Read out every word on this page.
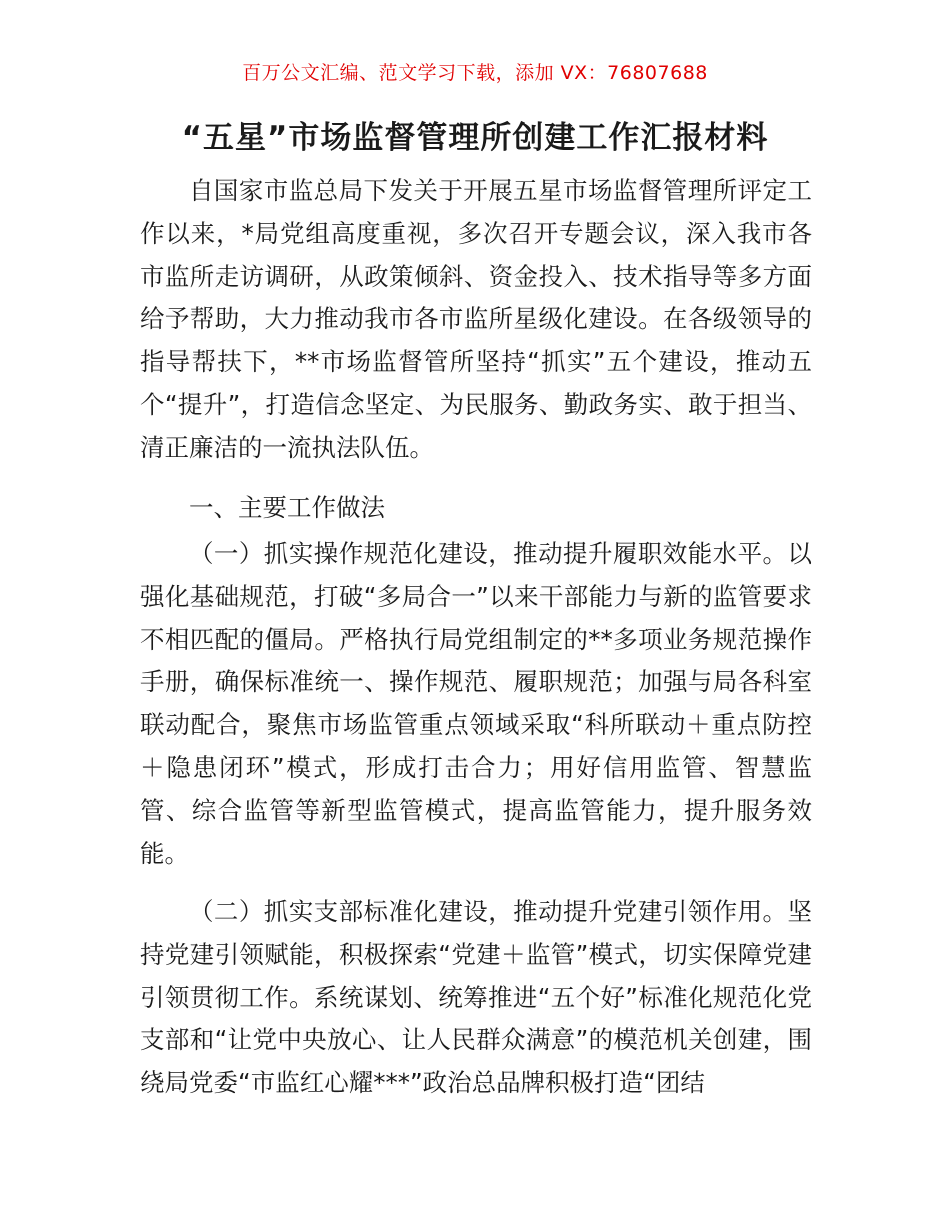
百万公文汇编、范文学习下载，添加 VX：76807688
“五星”市场监督管理所创建工作汇报材料

自国家市监总局下发关于开展五星市场监督管理所评定工作以来，*局党组高度重视，多次召开专题会议，深入我市各市监所走访调研，从政策倾斜、资金投入、技术指导等多方面给予帮助，大力推动我市各市监所星级化建设。在各级领导的指导帮扶下，**市场监督管所坚持“抓实”五个建设，推动五个“提升”，打造信念坚定、为民服务、勤政务实、敢于担当、清正廉洁的一流执法队伍。

一、主要工作做法

（一）抓实操作规范化建设，推动提升履职效能水平。以强化基础规范，打破“多局合一”以来干部能力与新的监管要求不相匹配的僵局。严格执行局党组制定的**多项业务规范操作手册，确保标准统一、操作规范、履职规范；加强与局各科室联动配合，聚焦市场监管重点领域采取“科所联动＋重点防控＋隐患闭环”模式，形成打击合力；用好信用监管、智慧监管、综合监管等新型监管模式，提高监管能力，提升服务效能。

（二）抓实支部标准化建设，推动提升党建引领作用。坚持党建引领赋能，积极探索“党建＋监管”模式，切实保障党建引领贯彻工作。系统谋划、统筹推进“五个好”标准化规范化党支部和“让党中央放心、让人民群众满意”的模范机关创建，围绕局党委“市监红心耀***”政治总品牌积极打造“团结
